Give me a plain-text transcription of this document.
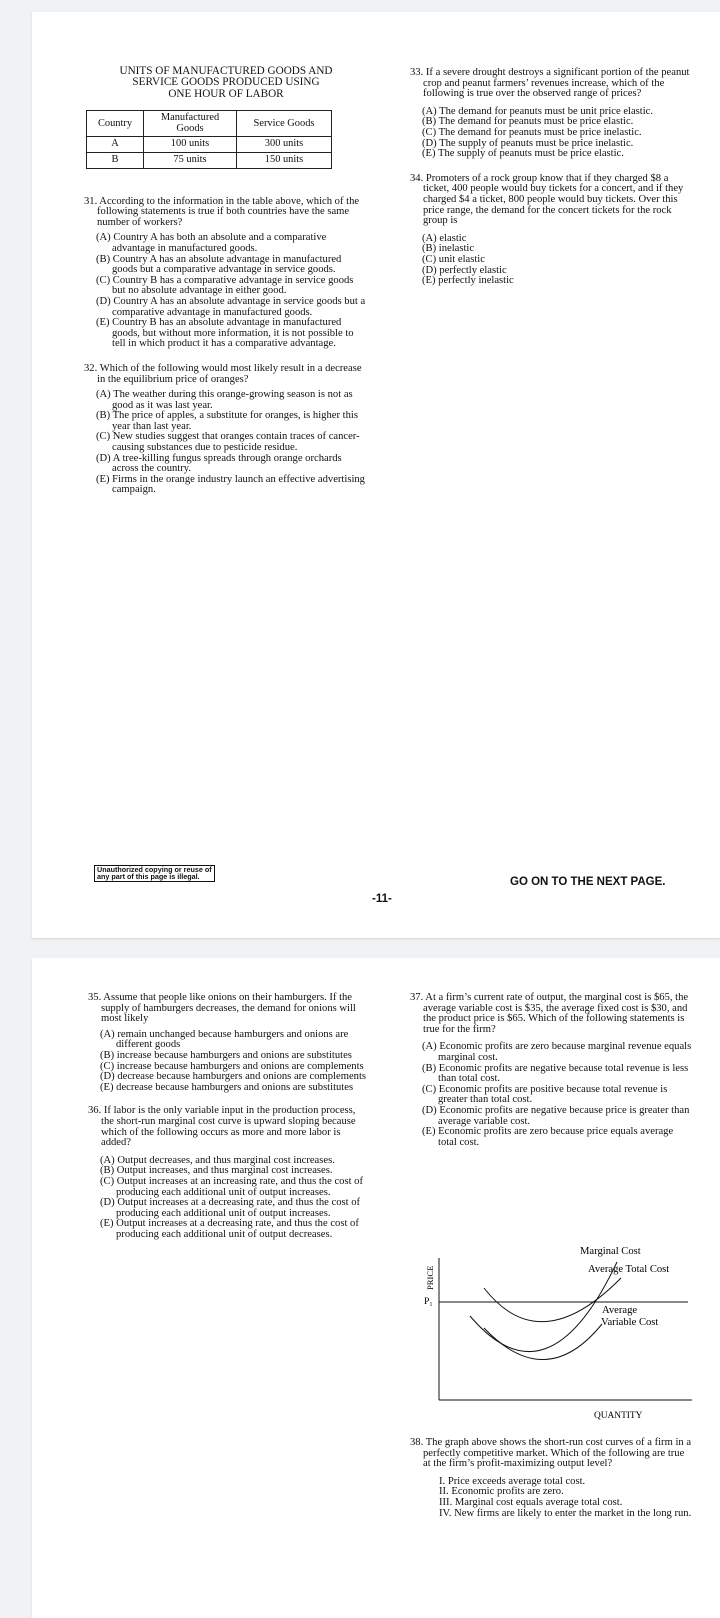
UNITS OF MANUFACTURED GOODS AND
SERVICE GOODS PRODUCED USING
ONE HOUR OF LABOR
Country	Manufactured Goods	Service Goods
A	100 units	300 units
B	75 units	150 units

31. According to the information in the table above, which of the following statements is true if both countries have the same number of workers?

(A) Country A has both an absolute and a comparative advantage in manufactured goods.

(B) Country A has an absolute advantage in manufactured goods but a comparative advantage in service goods.

(C) Country B has a comparative advantage in service goods but no absolute advantage in either good.

(D) Country A has an absolute advantage in service goods but a comparative advantage in manufactured goods.

(E) Country B has an absolute advantage in manufactured goods, but without more information, it is not possible to tell in which product it has a comparative advantage.

32. Which of the following would most likely result in a decrease in the equilibrium price of oranges?

(A) The weather during this orange-growing season is not as good as it was last year.

(B) The price of apples, a substitute for oranges, is higher this year than last year.

(C) New studies suggest that oranges contain traces of cancer-causing substances due to pesticide residue.

(D) A tree-killing fungus spreads through orange orchards across the country.

(E) Firms in the orange industry launch an effective advertising campaign.

33. If a severe drought destroys a significant portion of the peanut crop and peanut farmers’ revenues increase, which of the following is true over the observed range of prices?

(A) The demand for peanuts must be unit price elastic.

(B) The demand for peanuts must be price elastic.

(C) The demand for peanuts must be price inelastic.

(D) The supply of peanuts must be price inelastic.

(E) The supply of peanuts must be price elastic.

34. Promoters of a rock group know that if they charged $8 a ticket, 400 people would buy tickets for a concert, and if they charged $4 a ticket, 800 people would buy tickets. Over this price range, the demand for the concert tickets for the rock group is

(A) elastic

(B) inelastic

(C) unit elastic

(D) perfectly elastic

(E) perfectly inelastic

Unauthorized copying or reuse of
any part of this page is illegal.	GO ON TO THE NEXT PAGE.
-11-

35. Assume that people like onions on their hamburgers. If the supply of hamburgers decreases, the demand for onions will most likely

(A) remain unchanged because hamburgers and onions are different goods

(B) increase because hamburgers and onions are substitutes

(C) increase because hamburgers and onions are complements

(D) decrease because hamburgers and onions are complements

(E) decrease because hamburgers and onions are substitutes

36. If labor is the only variable input in the production process, the short-run marginal cost curve is upward sloping because which of the following occurs as more and more labor is added?

(A) Output decreases, and thus marginal cost increases.

(B) Output increases, and thus marginal cost increases.

(C) Output increases at an increasing rate, and thus the cost of producing each additional unit of output increases.

(D) Output increases at a decreasing rate, and thus the cost of producing each additional unit of output increases.

(E) Output increases at a decreasing rate, and thus the cost of producing each additional unit of output decreases.

37. At a firm’s current rate of output, the marginal cost is $65, the average variable cost is $35, the average fixed cost is $30, and the product price is $65. Which of the following statements is true for the firm?

(A) Economic profits are zero because marginal revenue equals marginal cost.

(B) Economic profits are negative because total revenue is less than total cost.

(C) Economic profits are positive because total revenue is greater than total cost.

(D) Economic profits are negative because price is greater than average variable cost.

(E) Economic profits are zero because price equals average total cost.

Marginal Cost
Average Total Cost
Average
Variable Cost
PRICE
P₁
QUANTITY

38. The graph above shows the short-run cost curves of a firm in a perfectly competitive market. Which of the following are true at the firm’s profit-maximizing output level?

I. Price exceeds average total cost.

II. Economic profits are zero.

III. Marginal cost equals average total cost.

IV. New firms are likely to enter the market in the long run.
